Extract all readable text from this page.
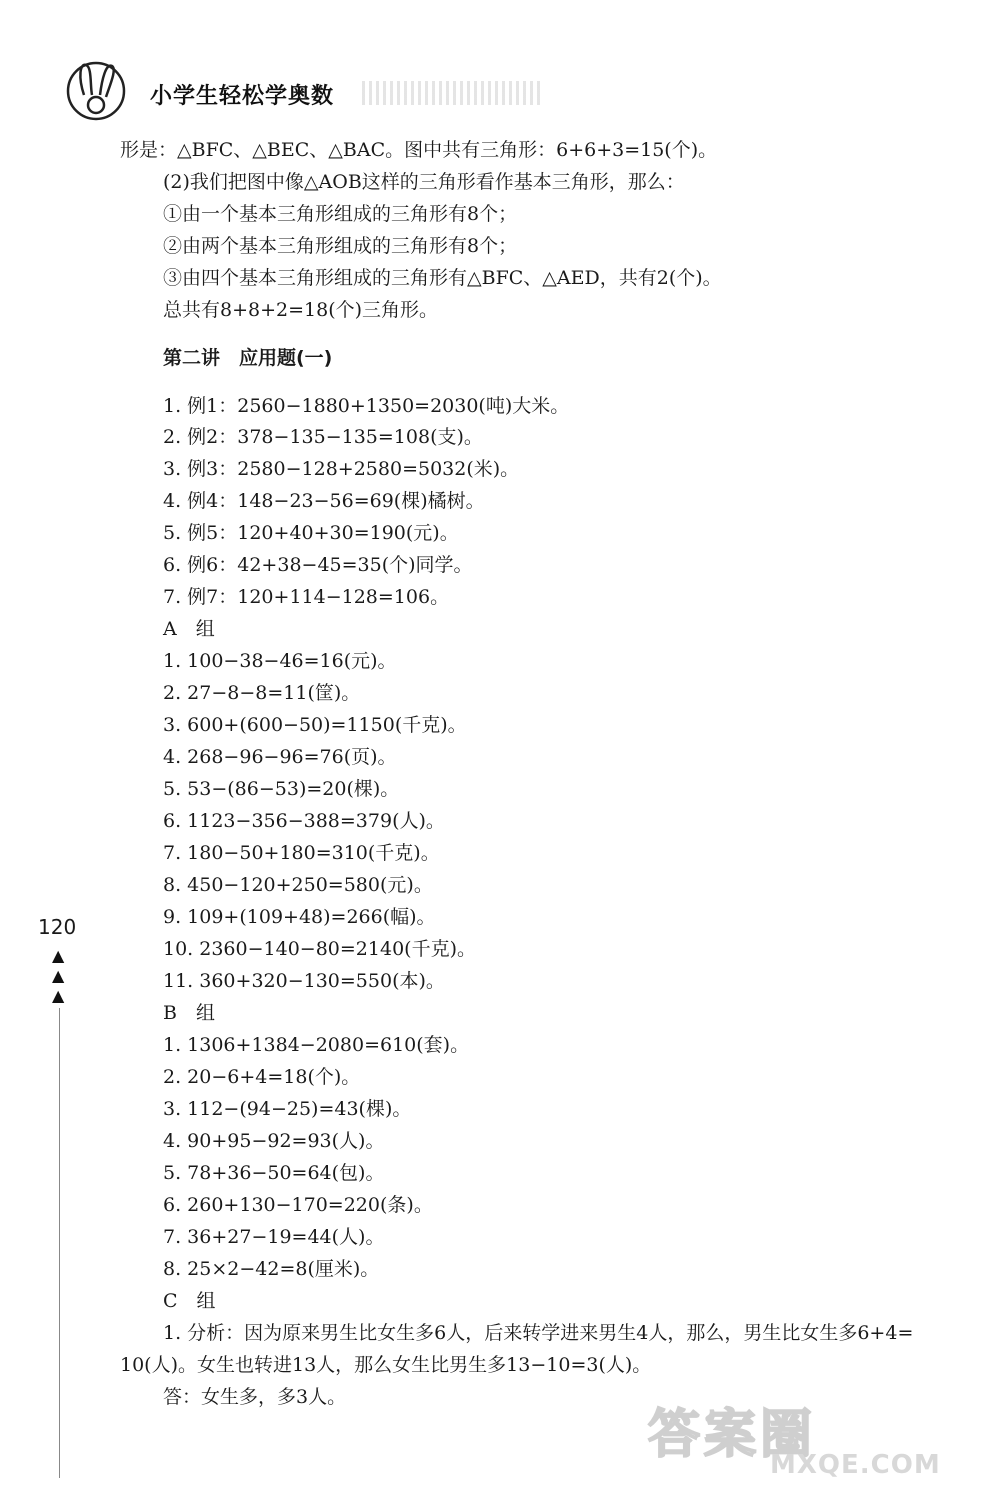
小学生轻松学奥数
形是：△BFC、△BEC、△BAC。图中共有三角形：6+6+3=15(个)。
(2)我们把图中像△AOB这样的三角形看作基本三角形，那么：
①由一个基本三角形组成的三角形有8个；
②由两个基本三角形组成的三角形有8个；
③由四个基本三角形组成的三角形有△BFC、△AED，共有2(个)。
总共有8+8+2=18(个)三角形。
第二讲　应用题(一)
1. 例1：2560−1880+1350=2030(吨)大米。
2. 例2：378−135−135=108(支)。
3. 例3：2580−128+2580=5032(米)。
4. 例4：148−23−56=69(棵)橘树。
5. 例5：120+40+30=190(元)。
6. 例6：42+38−45=35(个)同学。
7. 例7：120+114−128=106。
A　组
1. 100−38−46=16(元)。
2. 27−8−8=11(筐)。
3. 600+(600−50)=1150(千克)。
4. 268−96−96=76(页)。
5. 53−(86−53)=20(棵)。
6. 1123−356−388=379(人)。
7. 180−50+180=310(千克)。
8. 450−120+250=580(元)。
9. 109+(109+48)=266(幅)。
10. 2360−140−80=2140(千克)。
11. 360+320−130=550(本)。
B　组
1. 1306+1384−2080=610(套)。
2. 20−6+4=18(个)。
3. 112−(94−25)=43(棵)。
4. 90+95−92=93(人)。
5. 78+36−50=64(包)。
6. 260+130−170=220(条)。
7. 36+27−19=44(人)。
8. 25×2−42=8(厘米)。
C　组
1. 分析：因为原来男生比女生多6人，后来转学进来男生4人，那么，男生比女生多6+4=
10(人)。女生也转进13人，那么女生比男生多13−10=3(人)。
答：女生多，多3人。
120
▲
▲
▲
答案圈
MXQE.COM
